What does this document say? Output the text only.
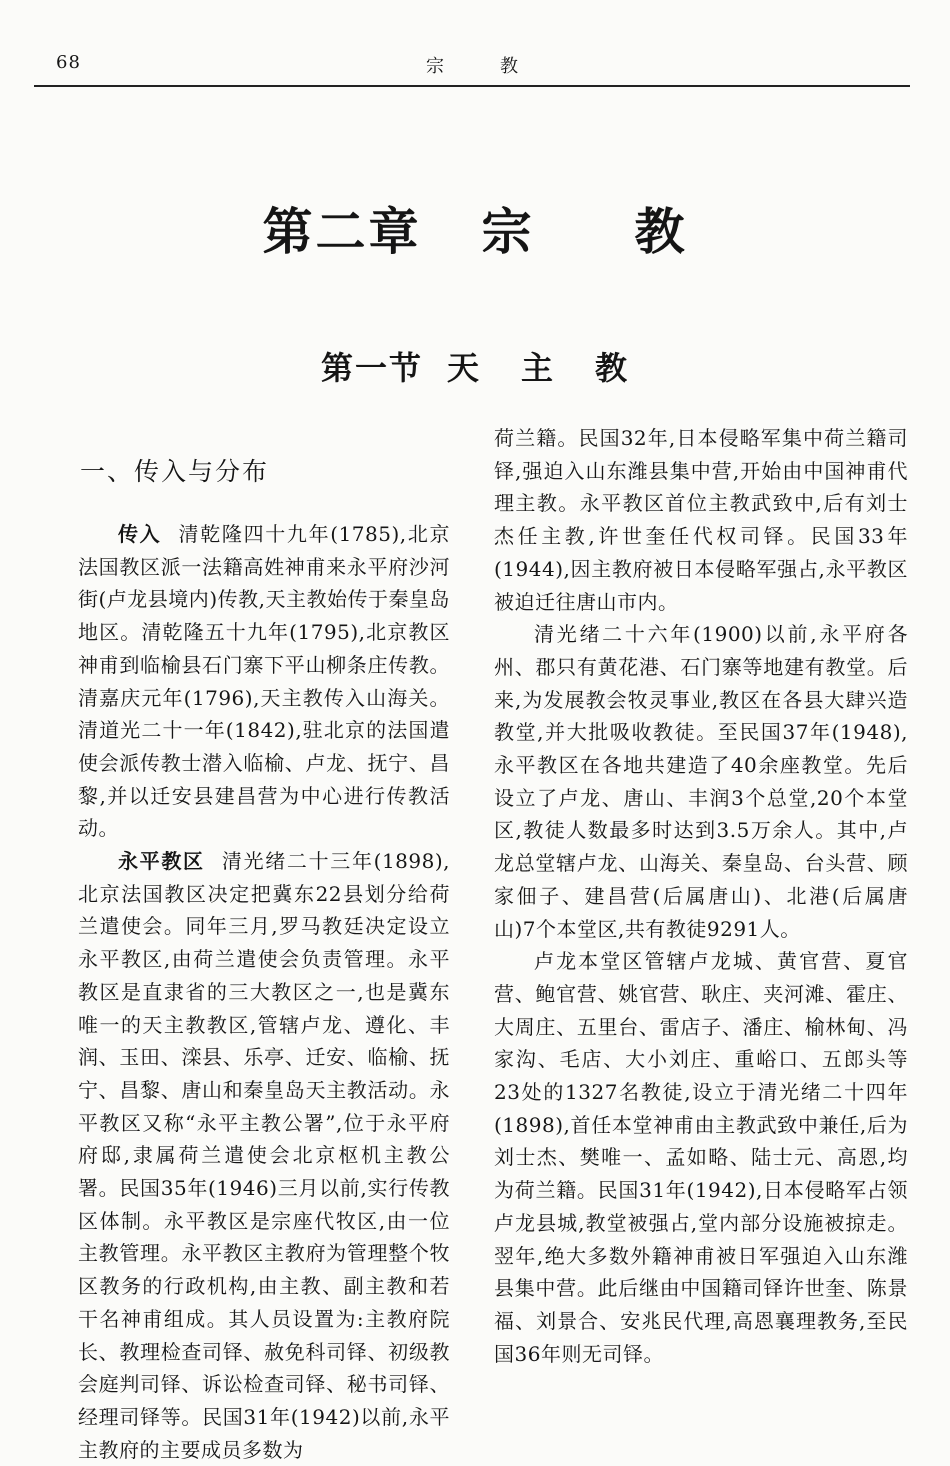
68	宗教
第二章 宗 教
第一节 天 主 教
一、传入与分布

传入 清乾隆四十九年(1785),北京法国教区派一法籍高姓神甫来永平府沙河街(卢龙县境内)传教,天主教始传于秦皇岛地区。清乾隆五十九年(1795),北京教区神甫到临榆县石门寨下平山柳条庄传教。清嘉庆元年(1796),天主教传入山海关。清道光二十一年(1842),驻北京的法国遣使会派传教士潜入临榆、卢龙、抚宁、昌黎,并以迁安县建昌营为中心进行传教活动。

永平教区 清光绪二十三年(1898),北京法国教区决定把冀东22县划分给荷兰遣使会。同年三月,罗马教廷决定设立永平教区,由荷兰遣使会负责管理。永平教区是直隶省的三大教区之一,也是冀东唯一的天主教教区,管辖卢龙、遵化、丰润、玉田、滦县、乐亭、迁安、临榆、抚宁、昌黎、唐山和秦皇岛天主教活动。永平教区又称“永平主教公署”,位于永平府府邸,隶属荷兰遣使会北京枢机主教公署。民国35年(1946)三月以前,实行传教区体制。永平教区是宗座代牧区,由一位主教管理。永平教区主教府为管理整个牧区教务的行政机构,由主教、副主教和若干名神甫组成。其人员设置为:主教府院长、教理检查司铎、赦免科司铎、初级教会庭判司铎、诉讼检查司铎、秘书司铎、经理司铎等。民国31年(1942)以前,永平主教府的主要成员多数为

荷兰籍。民国32年,日本侵略军集中荷兰籍司铎,强迫入山东潍县集中营,开始由中国神甫代理主教。永平教区首位主教武致中,后有刘士杰任主教,许世奎任代权司铎。民国33年(1944),因主教府被日本侵略军强占,永平教区被迫迁往唐山市内。

清光绪二十六年(1900)以前,永平府各州、郡只有黄花港、石门寨等地建有教堂。后来,为发展教会牧灵事业,教区在各县大肆兴造教堂,并大批吸收教徒。至民国37年(1948),永平教区在各地共建造了40余座教堂。先后设立了卢龙、唐山、丰润3个总堂,20个本堂区,教徒人数最多时达到3.5万余人。其中,卢龙总堂辖卢龙、山海关、秦皇岛、台头营、顾家佃子、建昌营(后属唐山)、北港(后属唐山)7个本堂区,共有教徒9291人。

卢龙本堂区管辖卢龙城、黄官营、夏官营、鲍官营、姚官营、耿庄、夹河滩、霍庄、大周庄、五里台、雷店子、潘庄、榆林甸、冯家沟、毛店、大小刘庄、重峪口、五郎头等23处的1327名教徒,设立于清光绪二十四年(1898),首任本堂神甫由主教武致中兼任,后为刘士杰、樊唯一、孟如略、陆士元、高恩,均为荷兰籍。民国31年(1942),日本侵略军占领卢龙县城,教堂被强占,堂内部分设施被掠走。翌年,绝大多数外籍神甫被日军强迫入山东潍县集中营。此后继由中国籍司铎许世奎、陈景福、刘景合、安兆民代理,高恩襄理教务,至民国36年则无司铎。
